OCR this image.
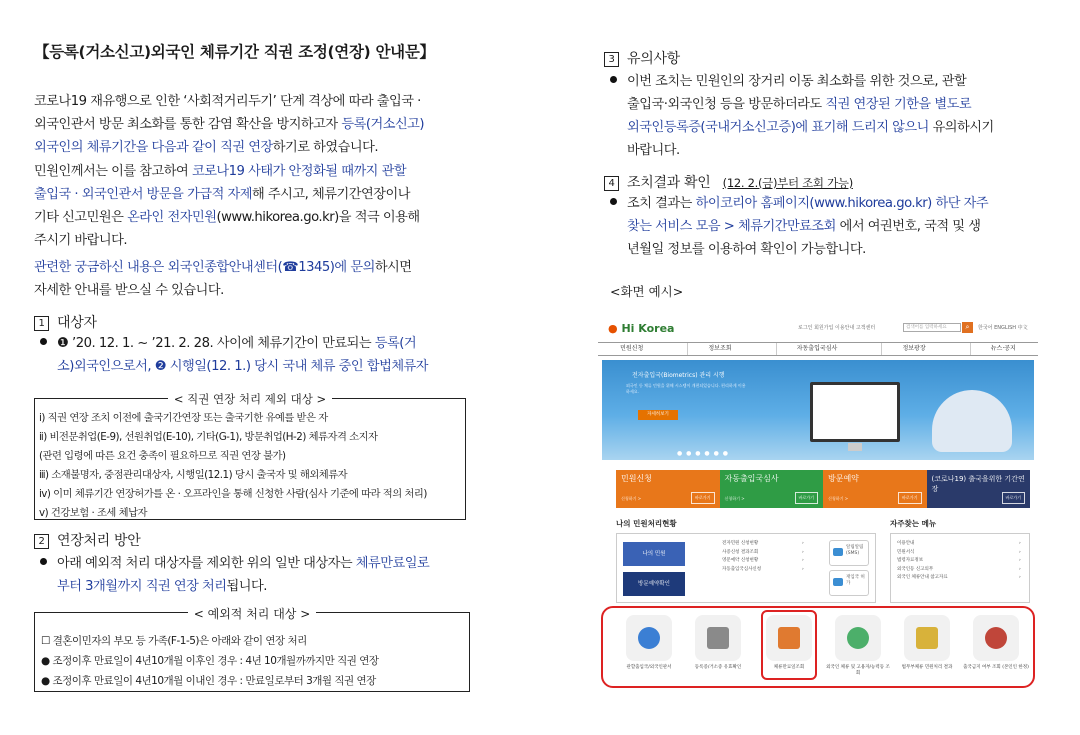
【등록(거소신고)외국인 체류기간 직권 조정(연장) 안내문】
코로나19 재유행으로 인한 ‘사회적거리두기’ 단계 격상에 따라 출입국 ·
외국인관서 방문 최소화를 통한 감염 확산을 방지하고자 등록(거소신고)
외국인의 체류기간을 다음과 같이 직권 연장하기로 하였습니다.
민원인께서는 이를 참고하여 코로나19 사태가 안정화될 때까지 관할
출입국 · 외국인관서 방문을 가급적 자제해 주시고, 체류기간연장이나
기타 신고민원은 온라인 전자민원(www.hikorea.go.kr)을 적극 이용해
주시기 바랍니다.
관련한 궁금하신 내용은 외국인종합안내센터(☎1345)에 문의하시면
자세한 안내를 받으실 수 있습니다.
1 대상자
❶ ’20. 12. 1. ~ ’21. 2. 28. 사이에 체류기간이 만료되는 등록(거
소)외국인으로서, ❷ 시행일(12. 1.) 당시 국내 체류 중인 합법체류자
< 직권 연장 처리 제외 대상 >
ⅰ) 직권 연장 조치 이전에 출국기간연장 또는 출국기한 유예를 받은 자
ⅱ) 비전문취업(E-9), 선원취업(E-10), 기타(G-1), 방문취업(H-2) 체류자격 소지자
(관련 입령에 따른 요건 충족이 필요하므로 직권 연장 불가)
ⅲ) 소재불명자, 중점관리대상자, 시행일(12.1) 당시 출국자 및 해외체류자
ⅳ) 이미 체류기간 연장허가를 온 · 오프라인을 통해 신청한 사람(심사 기준에 따라 적의 처리)
ⅴ) 건강보험 · 조세 체납자
2 연장처리 방안
아래 예외적 처리 대상자를 제외한 위의 일반 대상자는 체류만료일로
부터 3개월까지 직권 연장 처리됩니다.
< 예외적 처리 대상 >
☐ 결혼이민자의 부모 등 가족(F-1-5)은 아래와 같이 연장 처리
● 조정이후 만료일이 4년10개월 이후인 경우 : 4년 10개월까까지만 직권 연장
● 조정이후 만료일이 4년10개월 이내인 경우 : 만료일로부터 3개월 직권 연장
3 유의사항
이번 조치는 민원인의 장거리 이동 최소화를 위한 것으로, 관할
출입국·외국인청 등을 방문하더라도 직권 연장된 기한을 별도로
외국인등록증(국내거소신고증)에 표기해 드리지 않으니 유의하시기
바랍니다.
4 조치결과 확인 (12. 2.(금)부터 조회 가능)
조치 결과는 하이코리아 홈페이지(www.hikorea.go.kr) 하단 자주
찾는 서비스 모음 > 체류기간만료조회 에서 여권번호, 국적 및 생
년월일 정보를 이용하여 확인이 가능합니다.
<화면 예시>
● Hi Korea	로그인 회원가입 이용안내 고객센터	검색어를 입력하세요	⌕	한국어 ENGLISH 中文
민원신청	정보조회	자동출입국심사	정보광장	뉴스·공지
전자출입국(Biometrics) 관리 시행
외국인 등 체류 민원을 위해 시스템이 개편되었습니다. 편리하게 이용하세요.
자세히보기
● ● ● ● ● ●
민원신청
신청하기 >	바로가기
자동출입국심사
신청하기 >	바로가기
방문예약
신청하기 >	바로가기
(코로나19) 출국을위한 기간연장
바로가기
나의 민원처리현황
나의 민원
방문예약확인
전자민원 신청현황	›
사증신청 결과조회	›
영문예약 신청현황	›
자동출입국심사신청	›
알림알림 (SMS)
재입국 허가
자주찾는 메뉴
이용안내	›
민원서식	›
법령자료정보	›
외국인등 신고의무	›
외국인 체류안내 참고자료	›
관할출입국/외국인관서	등록증/거소증 유효확인	체류만료일조회	외국인 체류 및 고용자/능력등 조회
법무부체류 민원처리 결과	출국금지 여부 조회 (본인인 한정)
